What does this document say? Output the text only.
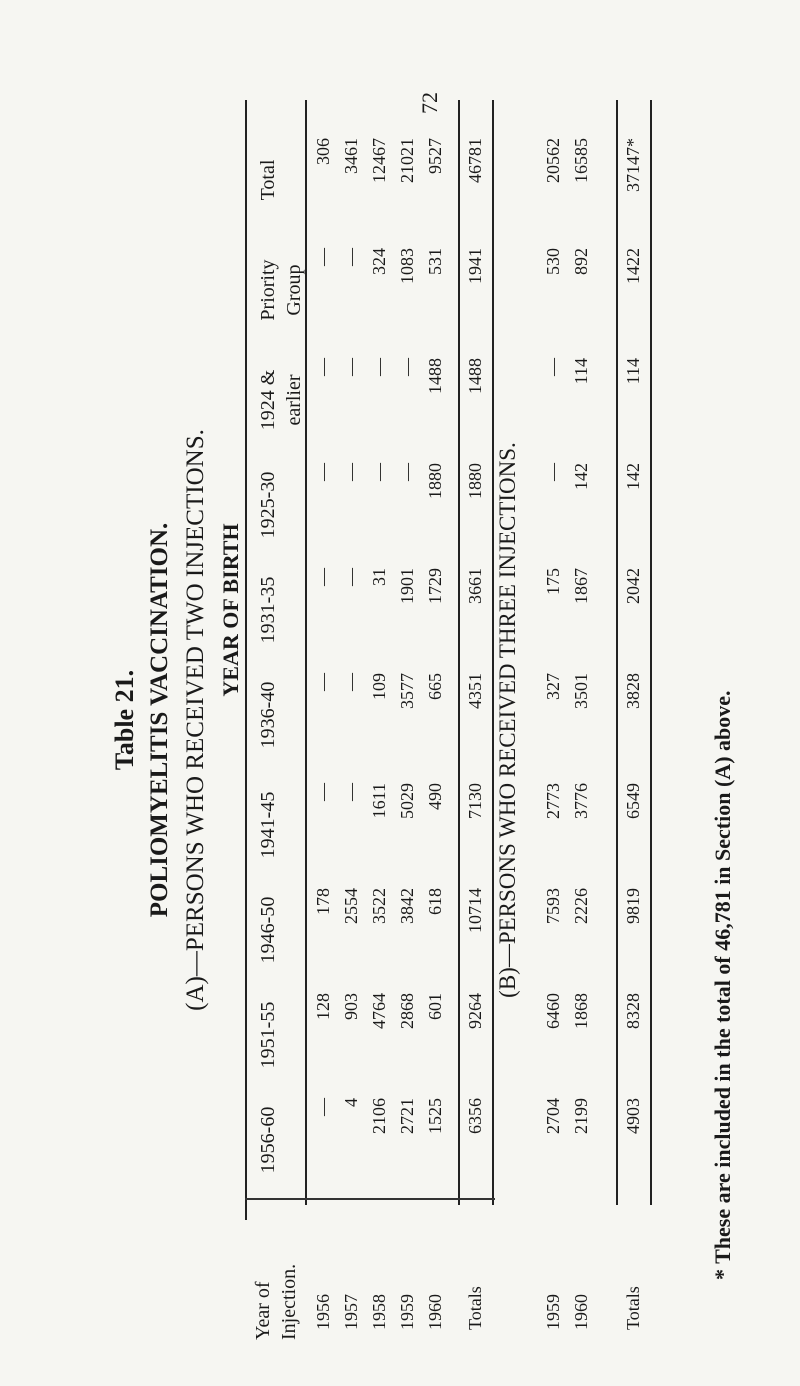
72
Table 21. POLIOMYELITIS VACCINATION. (A)—PERSONS WHO RECEIVED TWO INJECTIONS. YEAR OF BIRTH
Year of Injection.
1956-60
1951-55
1946-50
1941-45
1936-40
1931-35
1925-30
1924 & earlier
Priority Group
Total
1956
—
128
178
—
—
—
—
—
—
306
1957
4
903
2554
—
—
—
—
—
—
3461
1958
2106
4764
3522
1611
109
31
—
—
324
12467
1959
2721
2868
3842
5029
3577
1901
—
—
1083
21021
1960
1525
601
618
490
665
1729
1880
1488
531
9527
Totals
6356
9264
10714
7130
4351
3661
1880
1488
1941
46781
(B)—PERSONS WHO RECEIVED THREE INJECTIONS.
1959
2704
6460
7593
2773
327
175
—
—
530
20562
1960
2199
1868
2226
3776
3501
1867
142
114
892
16585
Totals
4903
8328
9819
6549
3828
2042
142
114
1422
37147*
* These are included in the total of 46,781 in Section (A) above.
